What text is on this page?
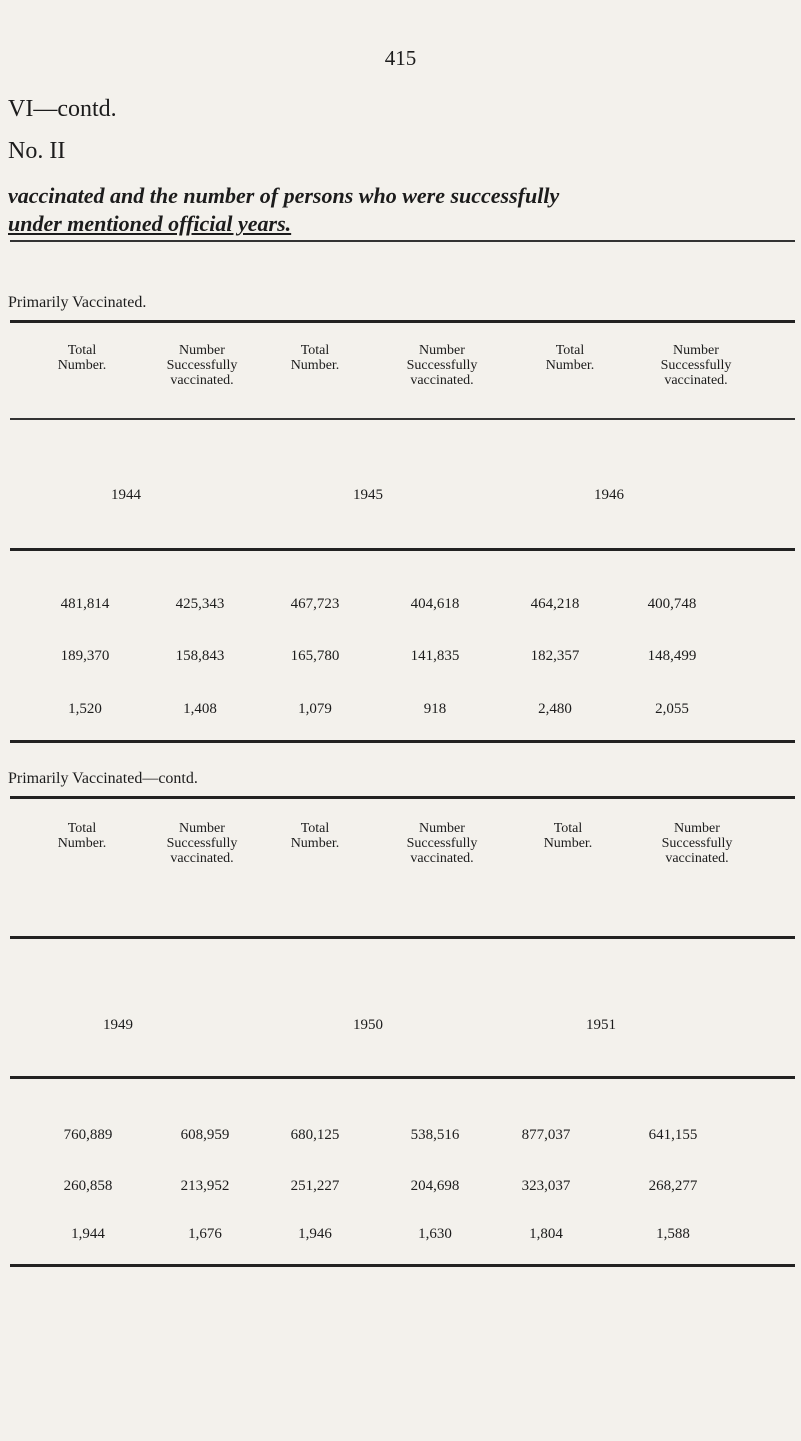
415
VI—contd.
No. II
vaccinated and the number of persons who were successfully
under mentioned official years.
Primarily Vaccinated.
Total
Number.
Number
Successfully
vaccinated.
Total
Number.
Number
Successfully
vaccinated.
Total
Number.
Number
Successfully
vaccinated.
1944	1945	1946
481,814	425,343	467,723	404,618	464,218	400,748
189,370	158,843	165,780	141,835	182,357	148,499
1,520	1,408	1,079	918	2,480	2,055
Primarily Vaccinated—contd.
Total
Number.
Number
Successfully
vaccinated.
Total
Number.
Number
Successfully
vaccinated.
Total
Number.
Number
Successfully
vaccinated.
1949	1950	1951
760,889	608,959	680,125	538,516	877,037	641,155
260,858	213,952	251,227	204,698	323,037	268,277
1,944	1,676	1,946	1,630	1,804	1,588
